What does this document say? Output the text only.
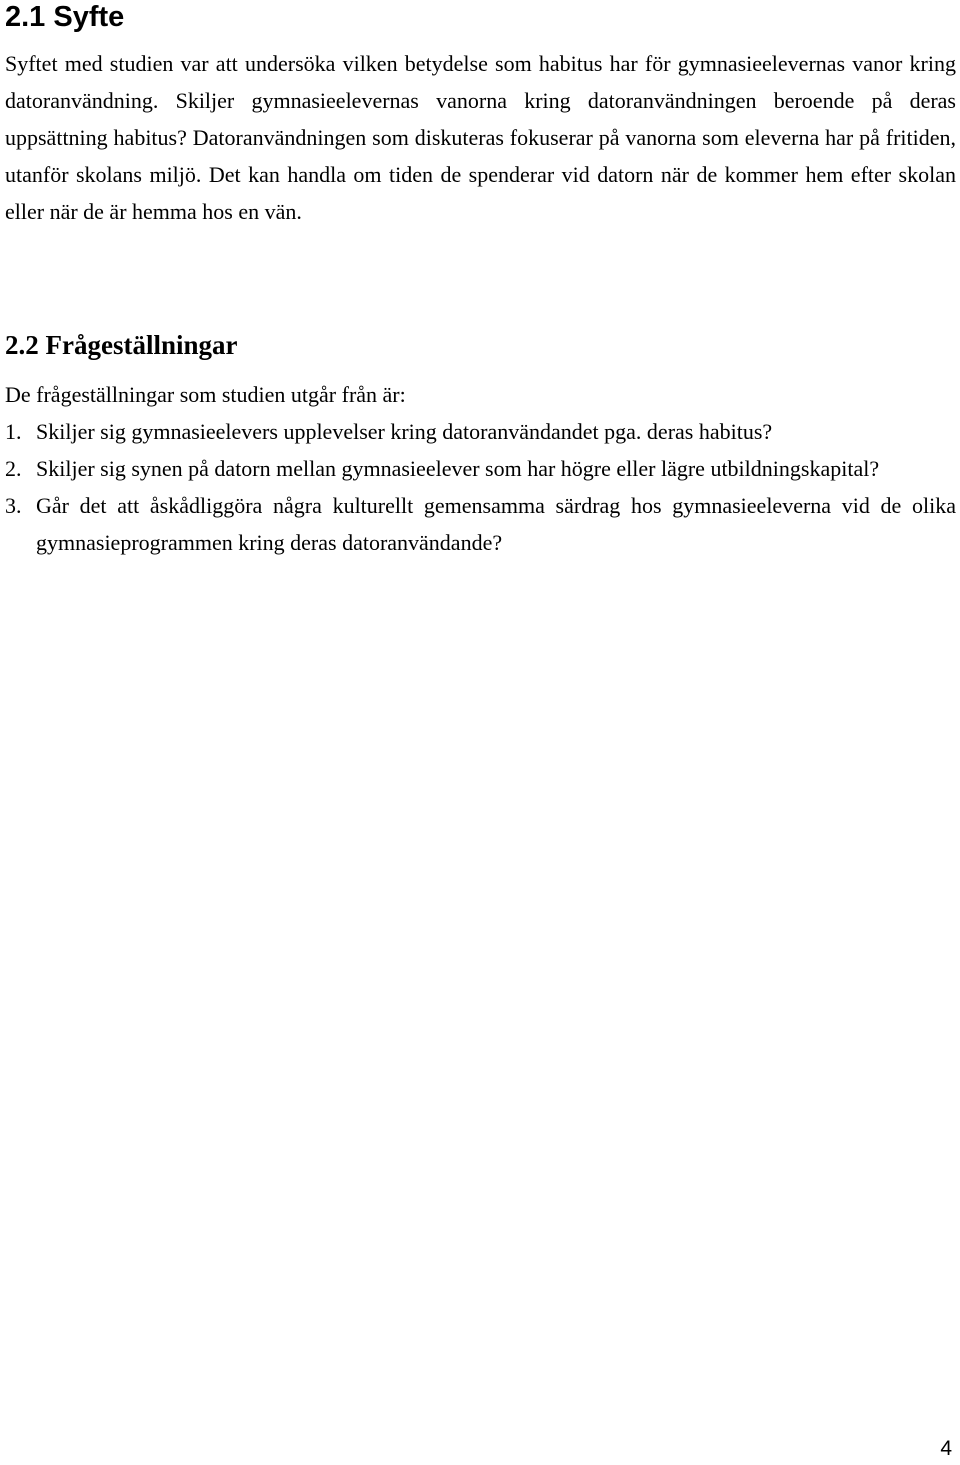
2.1 Syfte

Syftet med studien var att undersöka vilken betydelse som habitus har för gymnasieelevernas vanor kring datoranvändning. Skiljer gymnasieelevernas vanorna kring datoranvändningen beroende på deras uppsättning habitus? Datoranvändningen som diskuteras fokuserar på vanorna som eleverna har på fritiden, utanför skolans miljö. Det kan handla om tiden de spenderar vid datorn när de kommer hem efter skolan eller när de är hemma hos en vän.

2.2 Frågeställningar

De frågeställningar som studien utgår från är:

1. Skiljer sig gymnasieelevers upplevelser kring datoranvändandet pga. deras habitus?
2. Skiljer sig synen på datorn mellan gymnasieelever som har högre eller lägre utbildningskapital?
3. Går det att åskådliggöra några kulturellt gemensamma särdrag hos gymnasieeleverna vid de olika gymnasieprogrammen kring deras datoranvändande?
4
